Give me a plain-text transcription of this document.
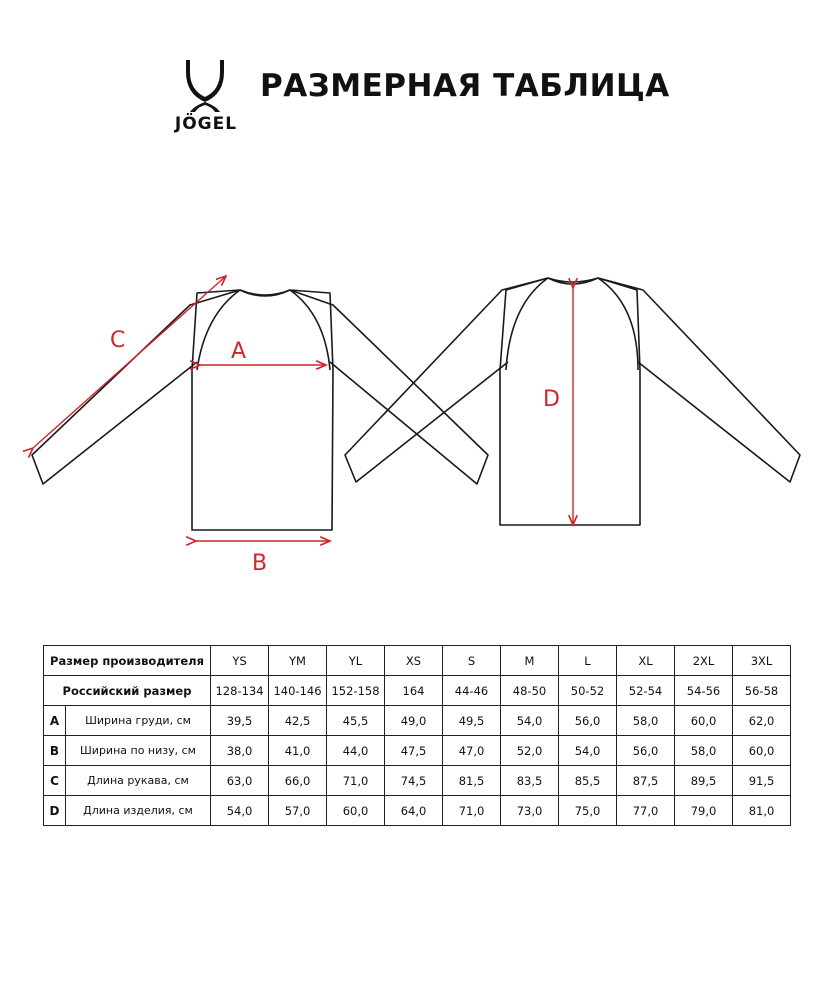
JÖGEL
РАЗМЕРНАЯ ТАБЛИЦА
A
B
C
D
Размер производителя		YS	YM	YL	XS	S	M	L	XL	2XL	3XL
Российский размер		128-134	140-146	152-158	164	44-46	48-50	50-52	52-54	54-56	56-58
A	Ширина груди, см	39,5	42,5	45,5	49,0	49,5	54,0	56,0	58,0	60,0	62,0
B	Ширина по низу, см	38,0	41,0	44,0	47,5	47,0	52,0	54,0	56,0	58,0	60,0
C	Длина рукава, см	63,0	66,0	71,0	74,5	81,5	83,5	85,5	87,5	89,5	91,5
D	Длина изделия, см	54,0	57,0	60,0	64,0	71,0	73,0	75,0	77,0	79,0	81,0
